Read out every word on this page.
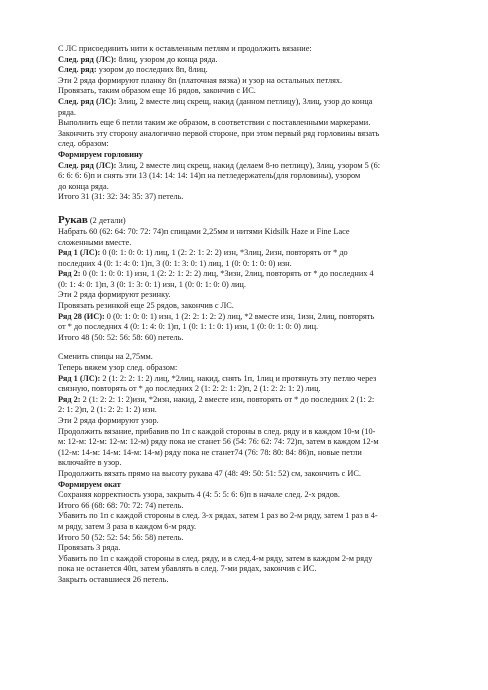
С ЛС присоединить нити к оставленным петлям и продолжить вязание:

След. ряд (ЛС): 8лиц, узором до конца ряда.

След. ряд: узором до последних 8п, 8лиц.

Эти 2 ряда формируют планку 8п (платочная вязка) и узор на остальных петлях.

Провязать, таким образом еще 16 рядов, закончив с ИС.

След. ряд (ЛС): 3лиц, 2 вместе лиц скрещ, накид (данном петлицу), 3лиц, узор до конца

ряда.

Выполнить еще 6 петли таким же образом, в соответствии с поставленными маркерами.

Закончить эту сторону аналогично первой стороне, при этом первый ряд горловины вязать

след. образом:

Формируем горловину

След. ряд (ЛС): 3лиц, 2 вместе лиц скрещ, накид (делаем 8-ю петлицу), 3лиц, узором 5 (6:

6: 6: 6: 6)п и снять эти 13 (14: 14: 14: 14)п на петледержатель(для горловины), узором

до конца ряда.

Итого 31 (31: 32: 34: 35: 37) петель.

Рукав (2 детали)

Набрать 60 (62: 64: 70: 72: 74)п спицами 2,25мм и нитями Kidsilk Haze и Fine Lace

сложенными вместе.

Ряд 1 (ЛС): 0 (0: 1: 0: 0: 1) лиц, 1 (2: 2: 1: 2: 2) изн, *3лиц, 2изн, повторять от * до

последних 4 (0: 1: 4: 0: 1)п, 3 (0: 1: 3: 0: 1) лиц, 1 (0: 0: 1: 0: 0) изн.

Ряд 2: 0 (0: 1: 0: 0: 1) изн, 1 (2: 2: 1: 2: 2) лиц, *3изн, 2лиц, повторять от * до последних 4

(0: 1: 4: 0: 1)п, 3 (0: 1: 3: 0: 1) изн, 1 (0: 0: 1: 0: 0) лиц.

Эти 2 ряда формируют резинку.

Провязать резинкой еще 25 рядов, закончив с ЛС.

Ряд 28 (ИС): 0 (0: 1: 0: 0: 1) изн, 1 (2: 2: 1: 2: 2) лиц, *2 вместе изн, 1изн, 2лиц, повторять

от * до последних 4 (0: 1: 4: 0: 1)п, 1 (0: 1: 1: 0: 1) изн, 1 (0: 0: 1: 0: 0) лиц.

Итого 48 (50: 52: 56: 58: 60) петель.

Сменить спицы на 2,75мм.

Теперь вяжем узор след. образом:

Ряд 1 (ЛС): 2 (1: 2: 2: 1: 2) лиц, *2лиц, накид, снять 1п, 1лиц и протянуть эту петлю через

связную, повторять от * до последних 2 (1: 2: 2: 1: 2)п, 2 (1: 2: 2: 1: 2) лиц.

Ряд 2: 2 (1: 2: 2: 1: 2)изн, *2изн, накид, 2 вместе изн, повторять от * до последних 2 (1: 2:

2: 1: 2)п, 2 (1: 2: 2: 1: 2) изн.

Эти 2 ряда формируют узор.

Продолжить вязание, прибавив по 1п с каждой стороны в след. ряду и в каждом 10-м (10-

м: 12-м: 12-м: 12-м: 12-м) ряду пока не станет 56 (54: 76: 62: 74: 72)п, затем в каждом 12-м

(12-м: 14-м: 14-м: 14-м: 14-м) ряду пока не станет74 (76: 78: 80: 84: 86)п, новые петли

включайте в узор.

Продолжить вязать прямо на высоту рукава 47 (48: 49: 50: 51: 52) см, закончить с ИС.

Формируем окат

Сохраняя корректность узора, закрыть 4 (4: 5: 5: 6: 6)п в начале след. 2-х рядов.

Итого 66 (68: 68: 70: 72: 74) петель.

Убавить по 1п с каждой стороны в след. 3-х рядах, затем 1 раз во 2-м ряду, затем 1 раз в 4-

м ряду, затем 3 раза в каждом 6-м ряду.

Итого 50 (52: 52: 54: 56: 58) петель.

Провязать 3 ряда.

Убавить по 1п с каждой стороны в след. ряду, и в след.4-м ряду, затем в каждом 2-м ряду

пока не останется 40п, затем убавлять в след. 7-ми рядах, закончив с ИС.

Закрыть оставшиеся 26 петель.
